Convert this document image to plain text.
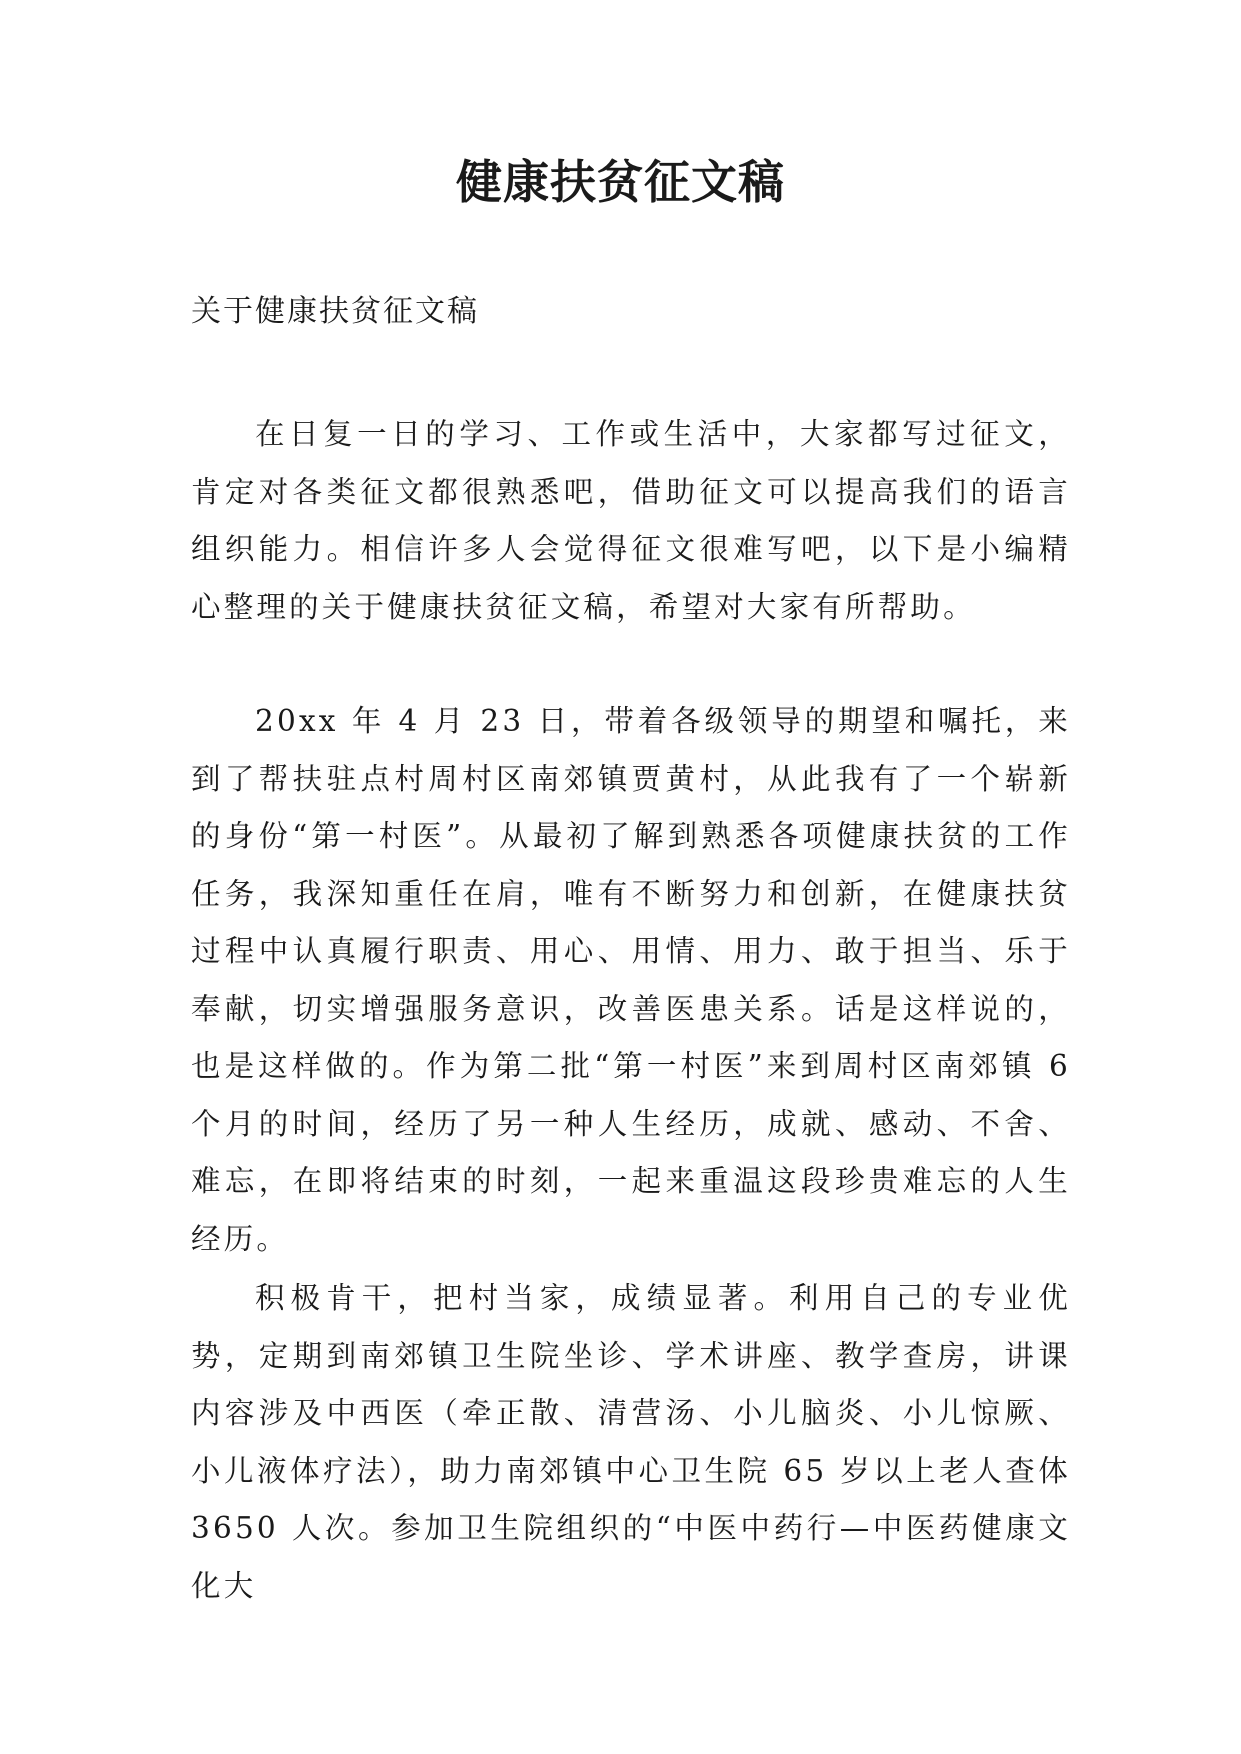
健康扶贫征文稿

关于健康扶贫征文稿

在日复一日的学习、工作或生活中，大家都写过征文，肯定对各类征文都很熟悉吧，借助征文可以提高我们的语言组织能力。相信许多人会觉得征文很难写吧，以下是小编精心整理的关于健康扶贫征文稿，希望对大家有所帮助。

20xx 年 4 月 23 日，带着各级领导的期望和嘱托，来到了帮扶驻点村周村区南郊镇贾黄村，从此我有了一个崭新的身份“第一村医”。从最初了解到熟悉各项健康扶贫的工作任务，我深知重任在肩，唯有不断努力和创新，在健康扶贫过程中认真履行职责、用心、用情、用力、敢于担当、乐于奉献，切实增强服务意识，改善医患关系。话是这样说的，也是这样做的。作为第二批“第一村医”来到周村区南郊镇 6 个月的时间，经历了另一种人生经历，成就、感动、不舍、难忘，在即将结束的时刻，一起来重温这段珍贵难忘的人生经历。

积极肯干，把村当家，成绩显著。利用自己的专业优势，定期到南郊镇卫生院坐诊、学术讲座、教学查房，讲课内容涉及中西医（牵正散、清营汤、小儿脑炎、小儿惊厥、小儿液体疗法），助力南郊镇中心卫生院 65 岁以上老人查体 3650 人次。参加卫生院组织的“中医中药行—中医药健康文化大
